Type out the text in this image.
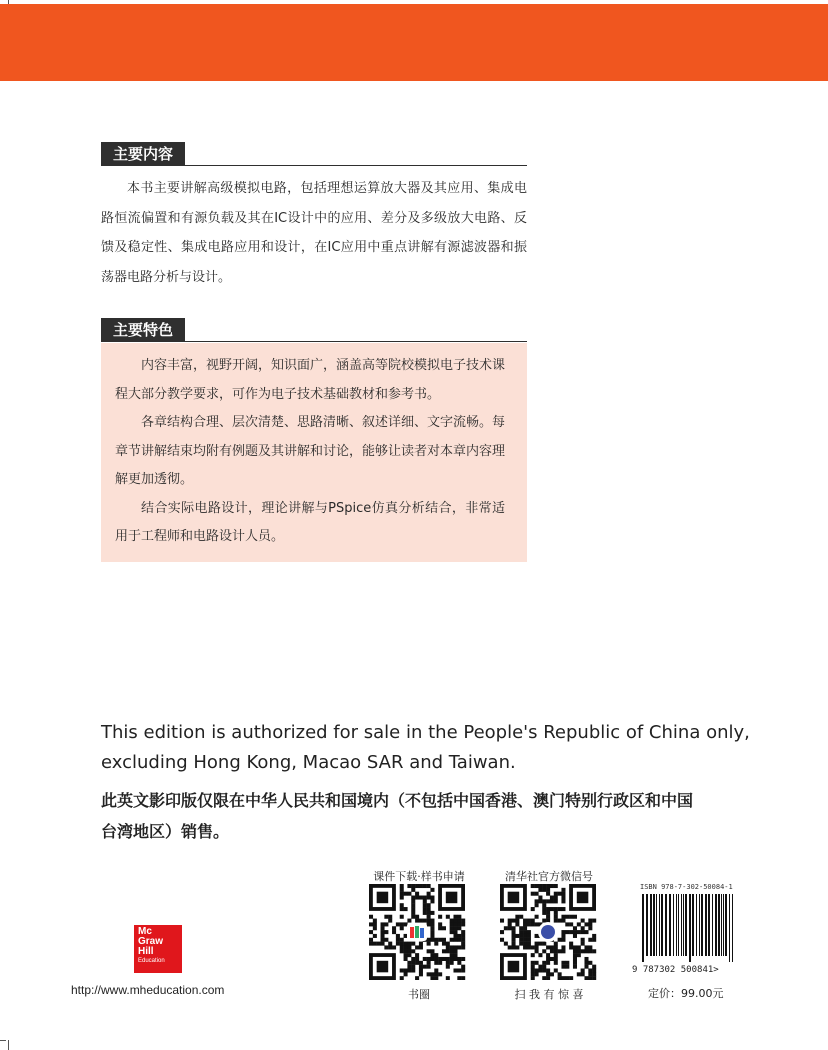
主要内容

本书主要讲解高级模拟电路，包括理想运算放大器及其应用、集成电路恒流偏置和有源负载及其在IC设计中的应用、差分及多级放大电路、反馈及稳定性、集成电路应用和设计，在IC应用中重点讲解有源滤波器和振荡器电路分析与设计。

主要特色

内容丰富，视野开阔，知识面广，涵盖高等院校模拟电子技术课程大部分教学要求，可作为电子技术基础教材和参考书。

各章结构合理、层次清楚、思路清晰、叙述详细、文字流畅。每章节讲解结束均附有例题及其讲解和讨论，能够让读者对本章内容理解更加透彻。

结合实际电路设计，理论讲解与PSpice仿真分析结合，非常适用于工程师和电路设计人员。

This edition is authorized for sale in the People's Republic of China only,
excluding Hong Kong, Macao SAR and Taiwan.
此英文影印版仅限在中华人民共和国境内（不包括中国香港、澳门特别行政区和中国
台湾地区）销售。
Mc
Graw
Hill
Education
http://www.mheducation.com
课件下载·样书申请
书圈
清华社官方微信号
扫 我 有 惊 喜
ISBN 978-7-302-50084-1
9 787302 500841>
定价：99.00元
